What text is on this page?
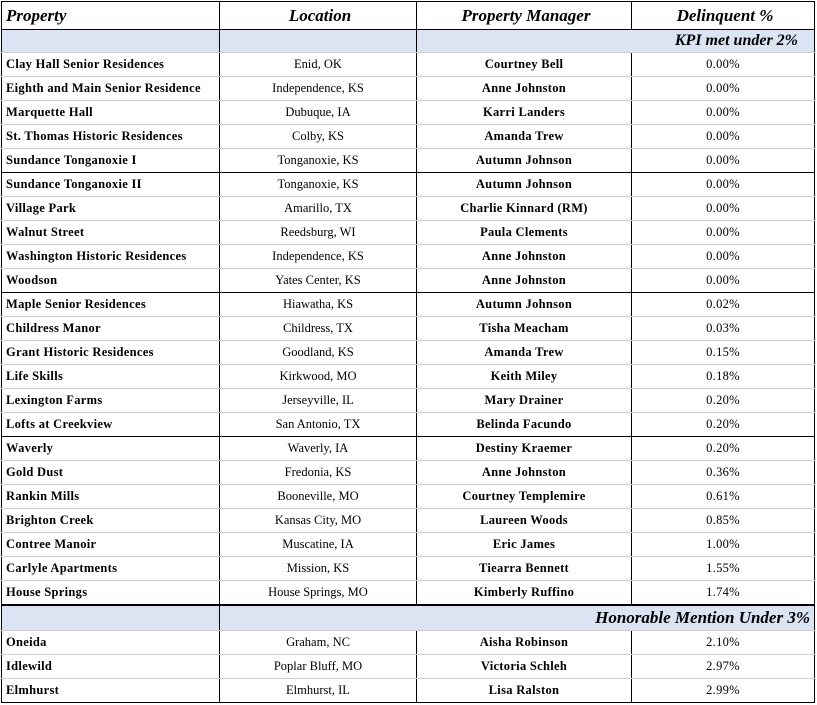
Property	Location	Property Manager	Delinquent %
		KPI met under 2%	
Clay Hall Senior Residences	Enid, OK	Courtney Bell	0.00%
Eighth and Main Senior Residence	Independence, KS	Anne Johnston	0.00%
Marquette Hall	Dubuque, IA	Karri Landers	0.00%
St. Thomas Historic Residences	Colby, KS	Amanda Trew	0.00%
Sundance Tonganoxie I	Tonganoxie, KS	Autumn Johnson	0.00%
Sundance Tonganoxie II	Tonganoxie, KS	Autumn Johnson	0.00%
Village Park	Amarillo, TX	Charlie Kinnard (RM)	0.00%
Walnut Street	Reedsburg, WI	Paula Clements	0.00%
Washington Historic Residences	Independence, KS	Anne Johnston	0.00%
Woodson	Yates Center, KS	Anne Johnston	0.00%
Maple Senior Residences	Hiawatha, KS	Autumn Johnson	0.02%
Childress Manor	Childress, TX	Tisha Meacham	0.03%
Grant Historic Residences	Goodland, KS	Amanda Trew	0.15%
Life Skills	Kirkwood, MO	Keith Miley	0.18%
Lexington Farms	Jerseyville, IL	Mary Drainer	0.20%
Lofts at Creekview	San Antonio, TX	Belinda Facundo	0.20%
Waverly	Waverly, IA	Destiny Kraemer	0.20%
Gold Dust	Fredonia, KS	Anne Johnston	0.36%
Rankin Mills	Booneville, MO	Courtney Templemire	0.61%
Brighton Creek	Kansas City, MO	Laureen Woods	0.85%
Contree Manoir	Muscatine, IA	Eric James	1.00%
Carlyle Apartments	Mission, KS	Tiearra Bennett	1.55%
House Springs	House Springs, MO	Kimberly Ruffino	1.74%
	Honorable Mention Under 3%		
Oneida	Graham, NC	Aisha Robinson	2.10%
Idlewild	Poplar Bluff, MO	Victoria Schleh	2.97%
Elmhurst	Elmhurst, IL	Lisa Ralston	2.99%
